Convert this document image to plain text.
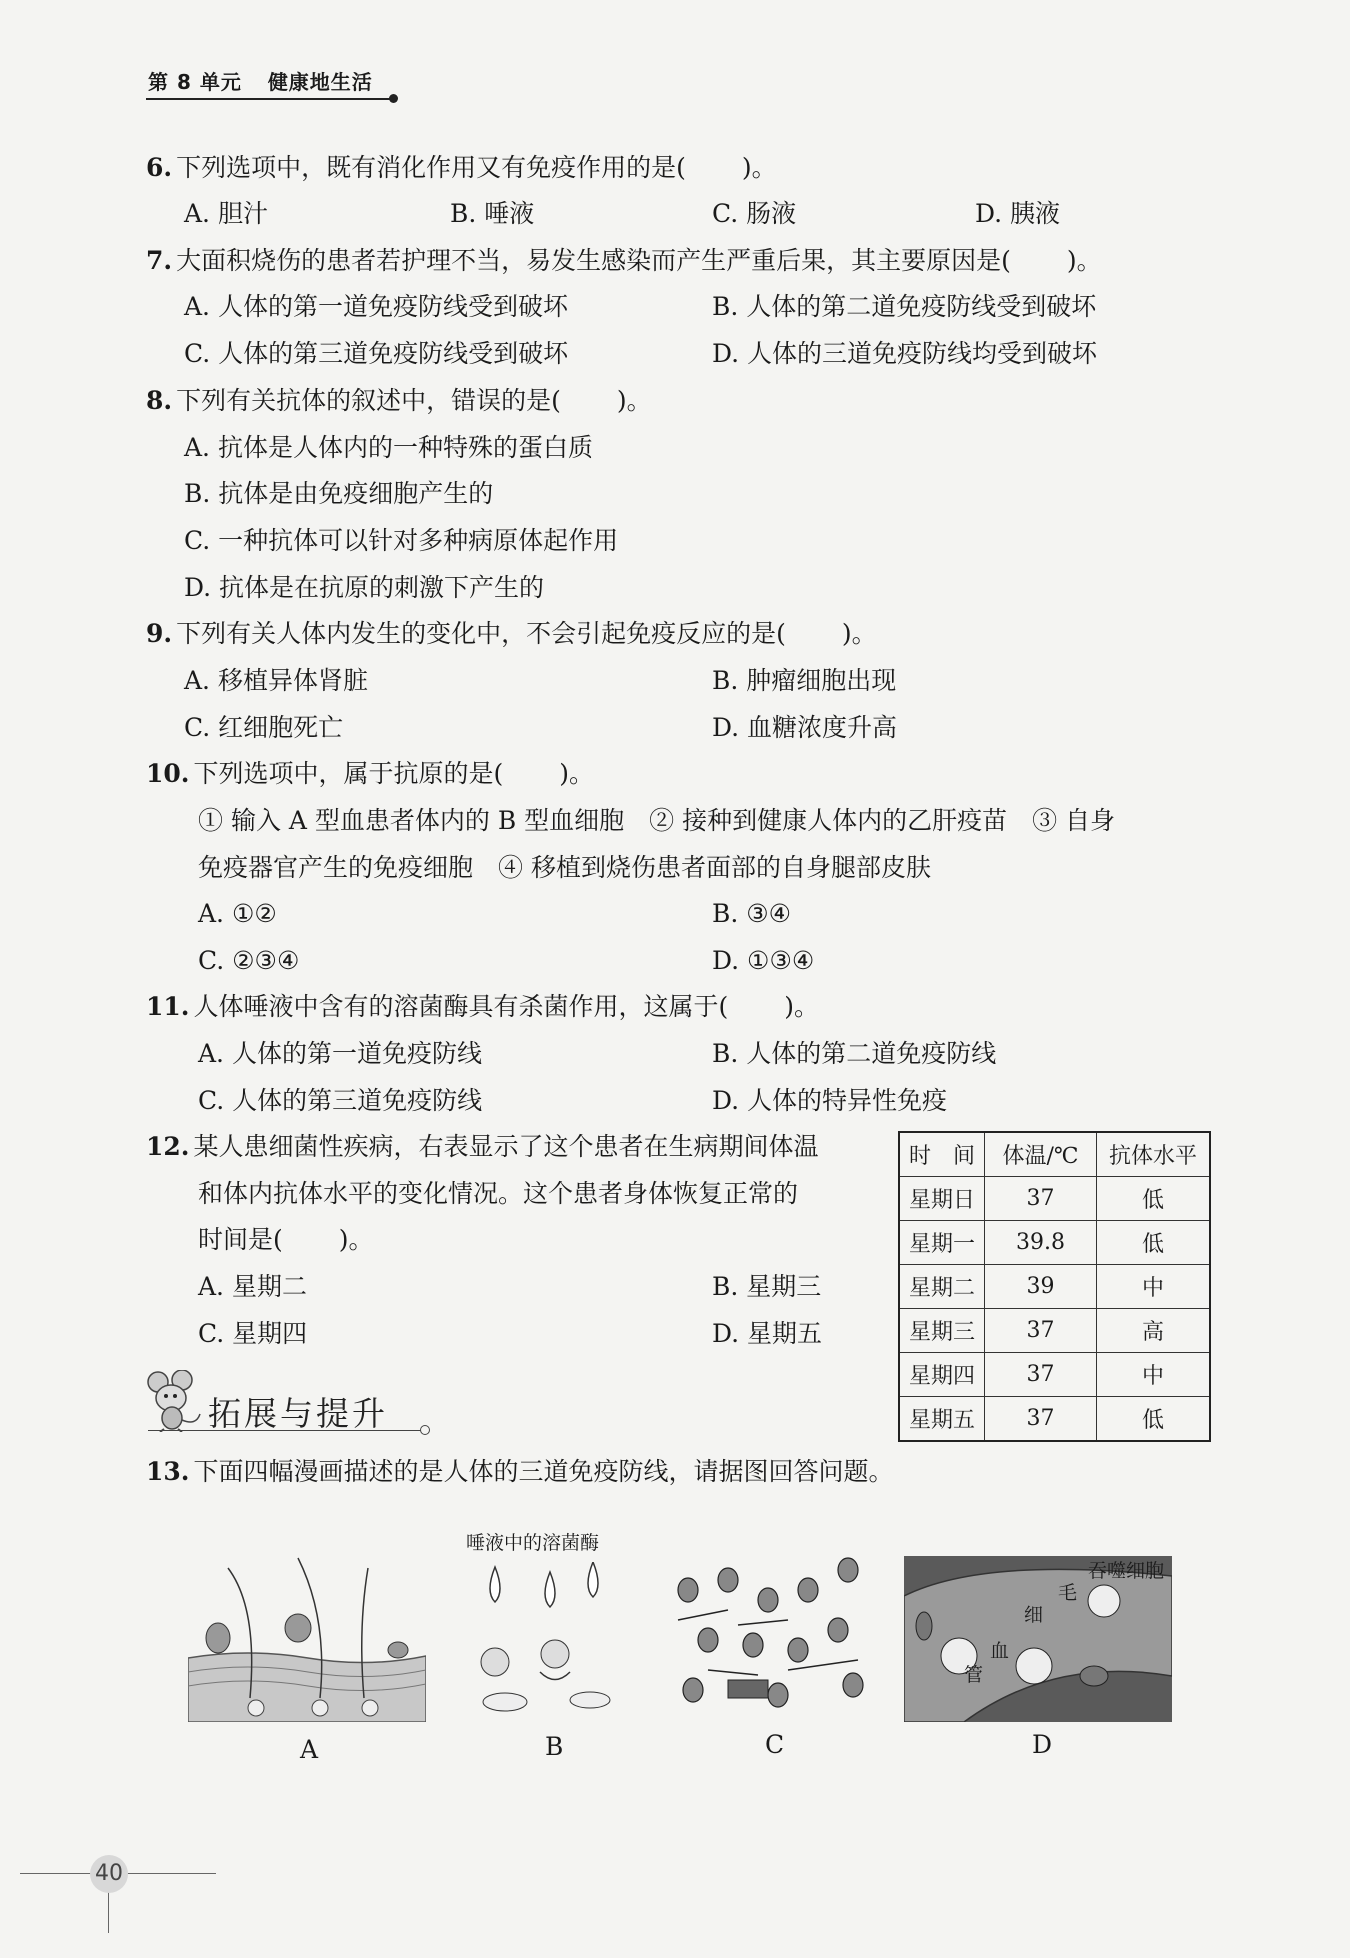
第 8 单元 健康地生活
6. 下列选项中，既有消化作用又有免疫作用的是( )。
A. 胆汁	B. 唾液	C. 肠液	D. 胰液
7. 大面积烧伤的患者若护理不当，易发生感染而产生严重后果，其主要原因是( )。
A. 人体的第一道免疫防线受到破坏	B. 人体的第二道免疫防线受到破坏
C. 人体的第三道免疫防线受到破坏	D. 人体的三道免疫防线均受到破坏
8. 下列有关抗体的叙述中，错误的是( )。
A. 抗体是人体内的一种特殊的蛋白质
B. 抗体是由免疫细胞产生的
C. 一种抗体可以针对多种病原体起作用
D. 抗体是在抗原的刺激下产生的
9. 下列有关人体内发生的变化中，不会引起免疫反应的是( )。
A. 移植异体肾脏	B. 肿瘤细胞出现
C. 红细胞死亡	D. 血糖浓度升高
10. 下列选项中，属于抗原的是( )。
① 输入 A 型血患者体内的 B 型血细胞　② 接种到健康人体内的乙肝疫苗　③ 自身
免疫器官产生的免疫细胞　④ 移植到烧伤患者面部的自身腿部皮肤
A. ①②	B. ③④
C. ②③④	D. ①③④
11. 人体唾液中含有的溶菌酶具有杀菌作用，这属于( )。
A. 人体的第一道免疫防线	B. 人体的第二道免疫防线
C. 人体的第三道免疫防线	D. 人体的特异性免疫
12. 某人患细菌性疾病，右表显示了这个患者在生病期间体温
和体内抗体水平的变化情况。这个患者身体恢复正常的
时间是( )。
A. 星期二	B. 星期三
C. 星期四	D. 星期五
时　间	体温/℃	抗体水平
星期日	37	低
星期一	39.8	低
星期二	39	中
星期三	37	高
星期四	37	中
星期五	37	低
拓展与提升
13. 下面四幅漫画描述的是人体的三道免疫防线，请据图回答问题。
A
唾液中的溶菌酶
B	C
吞噬细胞
毛
细
血
管
D
40
